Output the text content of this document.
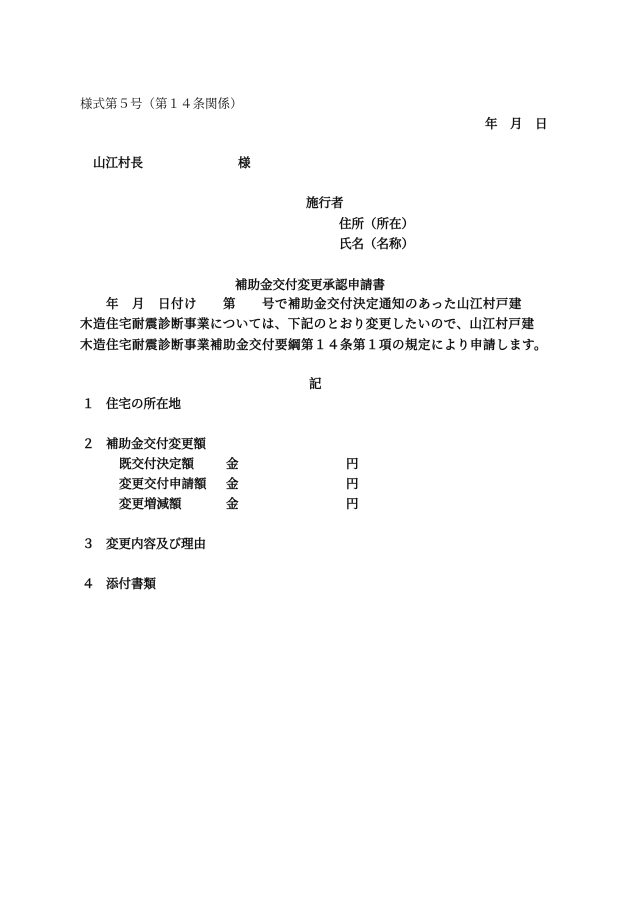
様式第５号（第１４条関係）
年　月　日
山江村長	様
施行者
住所（所在）
氏名（名称）
補助金交付変更承認申請書
　　年　月　日付け　　第　　号で補助金交付決定通知のあった山江村戸建
木造住宅耐震診断事業については、下記のとおり変更したいので、山江村戸建
木造住宅耐震診断事業補助金交付要綱第１４条第１項の規定により申請します。
記
１ 住宅の所在地
２ 補助金交付変更額
既交付決定額	金	円
変更交付申請額 金	円
変更増減額	金	円
３ 変更内容及び理由
４ 添付書類
